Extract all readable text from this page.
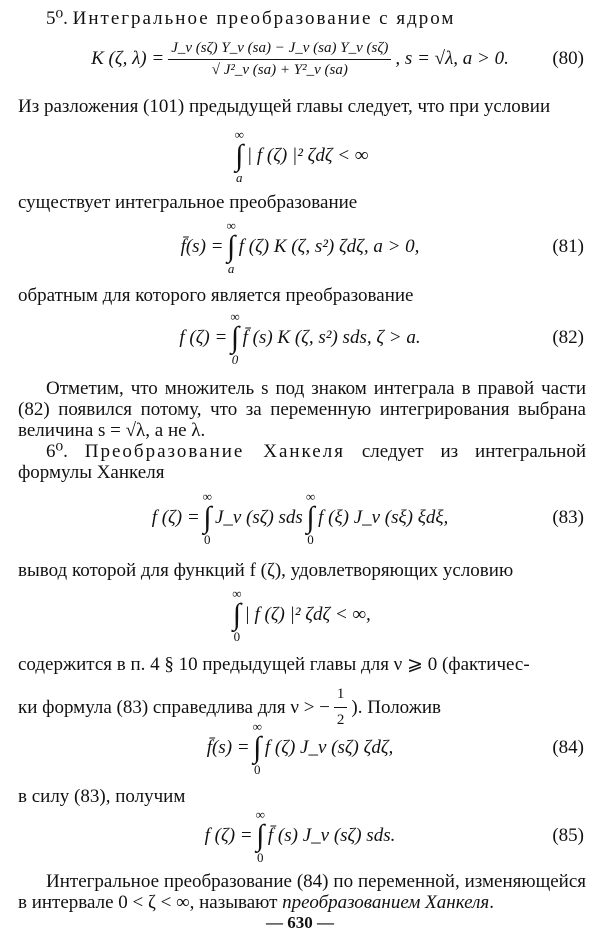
5⁰. Интегральное преобразование с ядром
K (ζ, $\lambda) = \frac{J\_\nu (s\zeta) Y\_\nu (sa) - J\_\nu (sa) Y\_\nu (s\zeta)}{\text{√ J²\_ν (sa) + Y²\_ν (sa)}}$ , s = √λ, a > 0. (80)
Из разложения (101) предыдущей главы следует, что при условии
∞
∫
a
| f (ζ) |² ζdζ < ∞
существует интегральное преобразование
f̄(s) =
∞
∫
a
f (ζ) K (ζ, s²) ζdζ, a > 0,	(81)
обратным для которого является преобразование
f (ζ) =
∞
∫
0
f̄ (s) K (ζ, s²) sds, ζ > a.	(82)
Отметим, что множитель s под знаком интеграла в правой части (82) появился потому, что за переменную интегрирования выбрана величина s = √λ, а не λ.
6⁰. Преобразование Ханкеля следует из интегральной формулы Ханкеля
f (ζ) =
∞
∫
0
J_ν (sζ) sds
∞
∫
0
f (ξ) J_ν (sξ) ξdξ,	(83)
вывод которой для функций f (ζ), удовлетворяющих условию
∞
∫
0
| f (ζ) |² ζdζ < ∞,
содержится в п. 4 § 10 предыдущей главы для ν ⩾ 0 (фактичес-
ки формула (83) справедлива для ν > − $\frac{1}{2}$ ). Положив
f̄(s) =
∞
∫
0
f (ζ) J_ν (sζ) ζdζ,	(84)
в силу (83), получим
f (ζ) =
∞
∫
0
f̄ (s) J_ν (sζ) sds.	(85)
Интегральное преобразование (84) по переменной, изменяющейся в интервале 0 < ζ < ∞, называют преобразованием Ханкеля.
— 630 —
